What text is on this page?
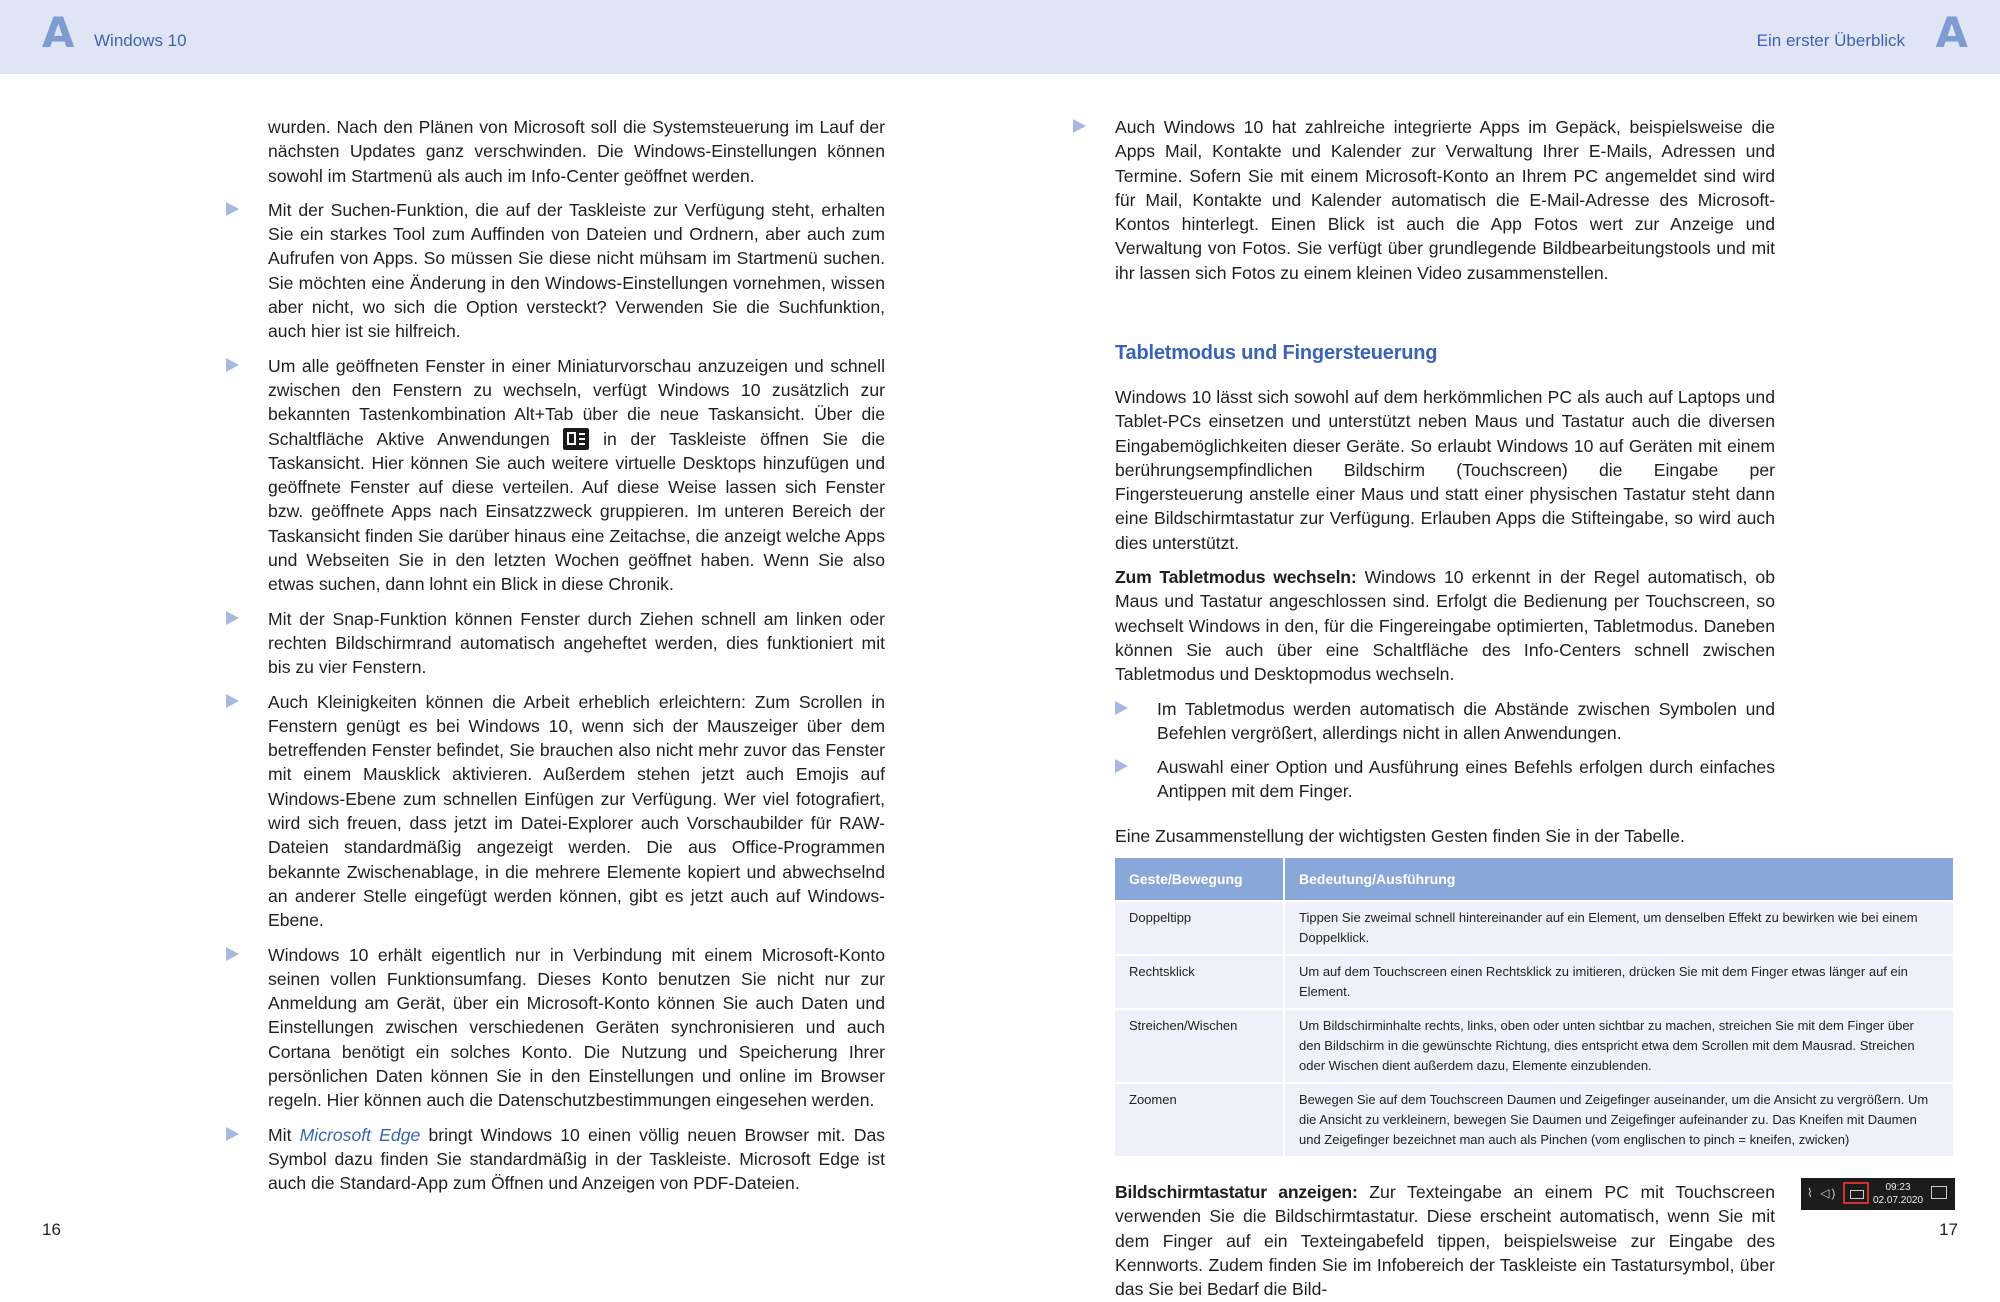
A Windows 10	Ein erster Überblick A

wurden. Nach den Plänen von Microsoft soll die Systemsteuerung im Lauf der nächsten Updates ganz verschwinden. Die Windows-Einstellungen können sowohl im Startmenü als auch im Info-Center geöffnet werden.

Mit der Suchen-Funktion, die auf der Taskleiste zur Verfügung steht, erhalten Sie ein starkes Tool zum Auffinden von Dateien und Ordnern, aber auch zum Aufrufen von Apps. So müssen Sie diese nicht mühsam im Startmenü suchen. Sie möchten eine Änderung in den Windows-Einstellungen vornehmen, wissen aber nicht, wo sich die Option versteckt? Verwenden Sie die Suchfunktion, auch hier ist sie hilfreich.
Um alle geöffneten Fenster in einer Miniaturvorschau anzuzeigen und schnell zwischen den Fenstern zu wechseln, verfügt Windows 10 zusätzlich zur bekannten Tastenkombination Alt+Tab über die neue Taskansicht. Über die Schaltfläche Aktive Anwendungen	in der Taskleiste öffnen Sie die Taskansicht. Hier können Sie auch weitere virtuelle Desktops hinzufügen und geöffnete Fenster auf diese verteilen. Auf diese Weise lassen sich Fenster bzw. geöffnete Apps nach Einsatzzweck gruppieren. Im unteren Bereich der Taskansicht finden Sie darüber hinaus eine Zeitachse, die anzeigt welche Apps und Webseiten Sie in den letzten Wochen geöffnet haben. Wenn Sie also etwas suchen, dann lohnt ein Blick in diese Chronik.
Mit der Snap-Funktion können Fenster durch Ziehen schnell am linken oder rechten Bildschirmrand automatisch angeheftet werden, dies funktioniert mit bis zu vier Fenstern.
Auch Kleinigkeiten können die Arbeit erheblich erleichtern: Zum Scrollen in Fenstern genügt es bei Windows 10, wenn sich der Mauszeiger über dem betreffenden Fenster befindet, Sie brauchen also nicht mehr zuvor das Fenster mit einem Mausklick aktivieren. Außerdem stehen jetzt auch Emojis auf Windows-Ebene zum schnellen Einfügen zur Verfügung. Wer viel fotografiert, wird sich freuen, dass jetzt im Datei-Explorer auch Vorschaubilder für RAW-Dateien standardmäßig angezeigt werden. Die aus Office-Programmen bekannte Zwischenablage, in die mehrere Elemente kopiert und abwechselnd an anderer Stelle eingefügt werden können, gibt es jetzt auch auf Windows-Ebene.
Windows 10 erhält eigentlich nur in Verbindung mit einem Microsoft-Konto seinen vollen Funktionsumfang. Dieses Konto benutzen Sie nicht nur zur Anmeldung am Gerät, über ein Microsoft-Konto können Sie auch Daten und Einstellungen zwischen verschiedenen Geräten synchronisieren und auch Cortana benötigt ein solches Konto. Die Nutzung und Speicherung Ihrer persönlichen Daten können Sie in den Einstellungen und online im Browser regeln. Hier können auch die Datenschutzbestimmungen eingesehen werden.
Mit Microsoft Edge bringt Windows 10 einen völlig neuen Browser mit. Das Symbol dazu finden Sie standardmäßig in der Taskleiste. Microsoft Edge ist auch die Standard-App zum Öffnen und Anzeigen von PDF-Dateien.
Auch Windows 10 hat zahlreiche integrierte Apps im Gepäck, beispielsweise die Apps Mail, Kontakte und Kalender zur Verwaltung Ihrer E-Mails, Adressen und Termine. Sofern Sie mit einem Microsoft-Konto an Ihrem PC angemeldet sind wird für Mail, Kontakte und Kalender automatisch die E-Mail-Adresse des Microsoft-Kontos hinterlegt. Einen Blick ist auch die App Fotos wert zur Anzeige und Verwaltung von Fotos. Sie verfügt über grundlegende Bildbearbeitungstools und mit ihr lassen sich Fotos zu einem kleinen Video zusammenstellen.
Tabletmodus und Fingersteuerung

Windows 10 lässt sich sowohl auf dem herkömmlichen PC als auch auf Laptops und Tablet-PCs einsetzen und unterstützt neben Maus und Tastatur auch die diversen Eingabemöglichkeiten dieser Geräte. So erlaubt Windows 10 auf Geräten mit einem berührungsempfindlichen Bildschirm (Touchscreen) die Eingabe per Fingersteuerung anstelle einer Maus und statt einer physischen Tastatur steht dann eine Bildschirmtastatur zur Verfügung. Erlauben Apps die Stifteingabe, so wird auch dies unterstützt.

Zum Tabletmodus wechseln: Windows 10 erkennt in der Regel automatisch, ob Maus und Tastatur angeschlossen sind. Erfolgt die Bedienung per Touchscreen, so wechselt Windows in den, für die Fingereingabe optimierten, Tabletmodus. Daneben können Sie auch über eine Schaltfläche des Info-Centers schnell zwischen Tabletmodus und Desktopmodus wechseln.

Im Tabletmodus werden automatisch die Abstände zwischen Symbolen und Befehlen vergrößert, allerdings nicht in allen Anwendungen.
Auswahl einer Option und Ausführung eines Befehls erfolgen durch einfaches Antippen mit dem Finger.

Eine Zusammenstellung der wichtigsten Gesten finden Sie in der Tabelle.

Geste/Bewegung	Bedeutung/Ausführung
Doppeltipp	Tippen Sie zweimal schnell hintereinander auf ein Element, um denselben Effekt zu bewirken wie bei einem Doppelklick.
Rechtsklick	Um auf dem Touchscreen einen Rechtsklick zu imitieren, drücken Sie mit dem Finger etwas länger auf ein Element.
Streichen/Wischen	Um Bildschirminhalte rechts, links, oben oder unten sichtbar zu machen, streichen Sie mit dem Finger über den Bildschirm in die gewünschte Richtung, dies entspricht etwa dem Scrollen mit dem Mausrad. Streichen oder Wischen dient außerdem dazu, Elemente einzublenden.
Zoomen	Bewegen Sie auf dem Touchscreen Daumen und Zeigefinger auseinander, um die Ansicht zu vergrößern. Um die Ansicht zu verkleinern, bewegen Sie Daumen und Zeigefinger aufeinander zu. Das Kneifen mit Daumen und Zeigefinger bezeichnet man auch als Pinchen (vom englischen to pinch = kneifen, zwicken)
⌇ ◁)	09:23
02.07.2020

Bildschirmtastatur anzeigen: Zur Texteingabe an einem PC mit Touchscreen verwenden Sie die Bildschirmtastatur. Diese erscheint automatisch, wenn Sie mit dem Finger auf ein Texteingabefeld tippen, beispielsweise zur Eingabe des Kennworts. Zudem finden Sie im Infobereich der Taskleiste ein Tastatursymbol, über das Sie bei Bedarf die Bild-

16	17
